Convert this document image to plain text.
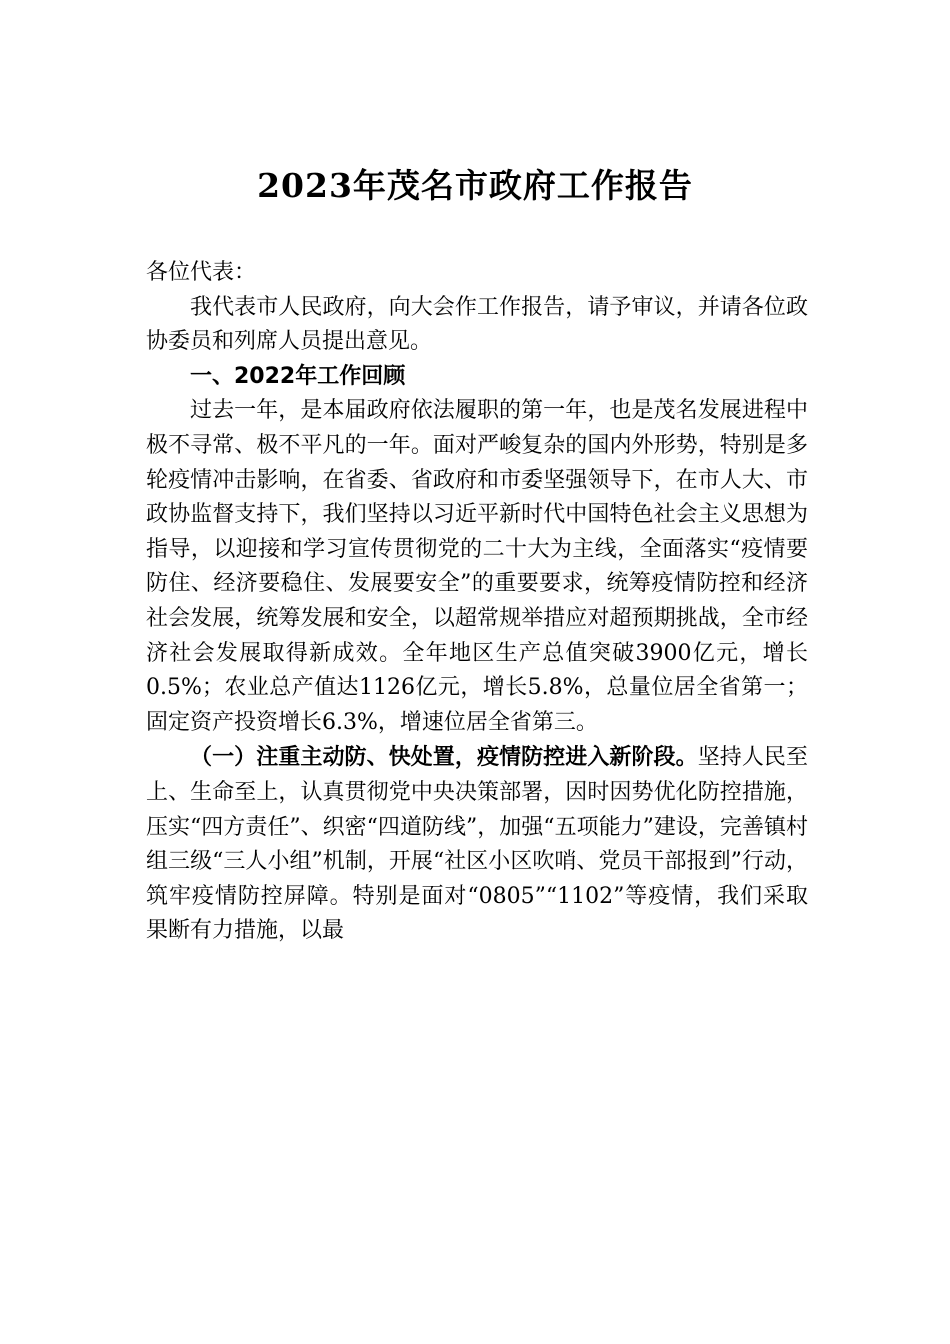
2023年茂名市政府工作报告

各位代表：

我代表市人民政府，向大会作工作报告，请予审议，并请各位政协委员和列席人员提出意见。

一、2022年工作回顾

过去一年，是本届政府依法履职的第一年，也是茂名发展进程中极不寻常、极不平凡的一年。面对严峻复杂的国内外形势，特别是多轮疫情冲击影响，在省委、省政府和市委坚强领导下，在市人大、市政协监督支持下，我们坚持以习近平新时代中国特色社会主义思想为指导，以迎接和学习宣传贯彻党的二十大为主线，全面落实“疫情要防住、经济要稳住、发展要安全”的重要要求，统筹疫情防控和经济社会发展，统筹发展和安全，以超常规举措应对超预期挑战，全市经济社会发展取得新成效。全年地区生产总值突破3900亿元，增长0.5%；农业总产值达1126亿元，增长5.8%，总量位居全省第一；固定资产投资增长6.3%，增速位居全省第三。

（一）注重主动防、快处置，疫情防控进入新阶段。坚持人民至上、生命至上，认真贯彻党中央决策部署，因时因势优化防控措施，压实“四方责任”、织密“四道防线”，加强“五项能力”建设，完善镇村组三级“三人小组”机制，开展“社区小区吹哨、党员干部报到”行动，筑牢疫情防控屏障。特别是面对“0805”“1102”等疫情，我们采取果断有力措施，以最
